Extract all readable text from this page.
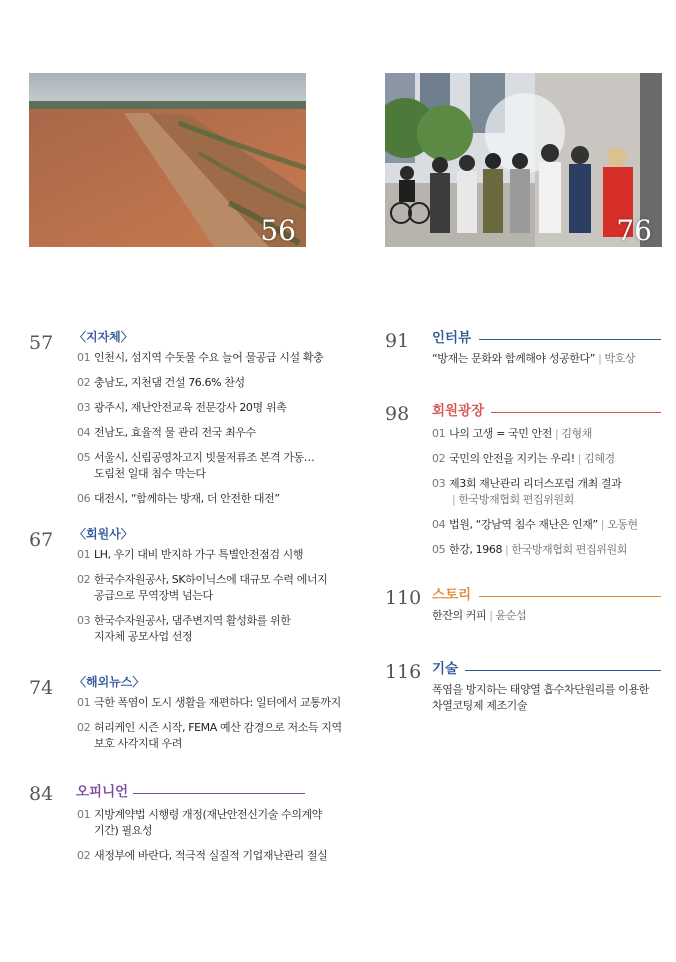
56	76
57 〈지자체〉
01 인천시, 섬지역 수돗물 수요 늘어 물공급 시설 확충
02 충남도, 지천댐 건설 76.6% 찬성
03 광주시, 재난안전교육 전문강사 20명 위촉
04 전남도, 효율적 물 관리 전국 최우수
05 서울시, 신림공영차고지 빗물저류조 본격 가동…
도림천 일대 침수 막는다
06 대전시, “함께하는 방재, 더 안전한 대전”
67 〈회원사〉
01 LH, 우기 대비 반지하 가구 특별안전점검 시행
02 한국수자원공사, SK하이닉스에 대규모 수력 에너지
공급으로 무역장벽 넘는다
03 한국수자원공사, 댐주변지역 활성화를 위한
지자체 공모사업 선정
74 〈해외뉴스〉
01 극한 폭염이 도시 생활을 재편하다: 일터에서 교통까지
02 허리케인 시즌 시작, FEMA 예산 감경으로 저소득 지역
보호 사각지대 우려
84 오피니언
01 지방계약법 시행령 개정(재난안전신기술 수의계약
기간) 필요성
02 새정부에 바란다, 적극적 실질적 기업재난관리 절실
91 인터뷰
“방재는 문화와 함께해야 성공한다” | 박호상
98 회원광장
01 나의 고생 = 국민 안전 | 김형채
02 국민의 안전을 지키는 우리! | 김혜경
03 제3회 재난관리 리더스포럼 개최 결과
| 한국방재협회 편집위원회
04 법원, “강남역 침수 재난은 인재” | 오동현
05 한강, 1968 | 한국방재협회 편집위원회
110 스토리
한잔의 커피 | 윤순섭
116 기술
폭염을 방지하는 태양열 흡수차단원리를 이용한
차열코팅제 제조기술
